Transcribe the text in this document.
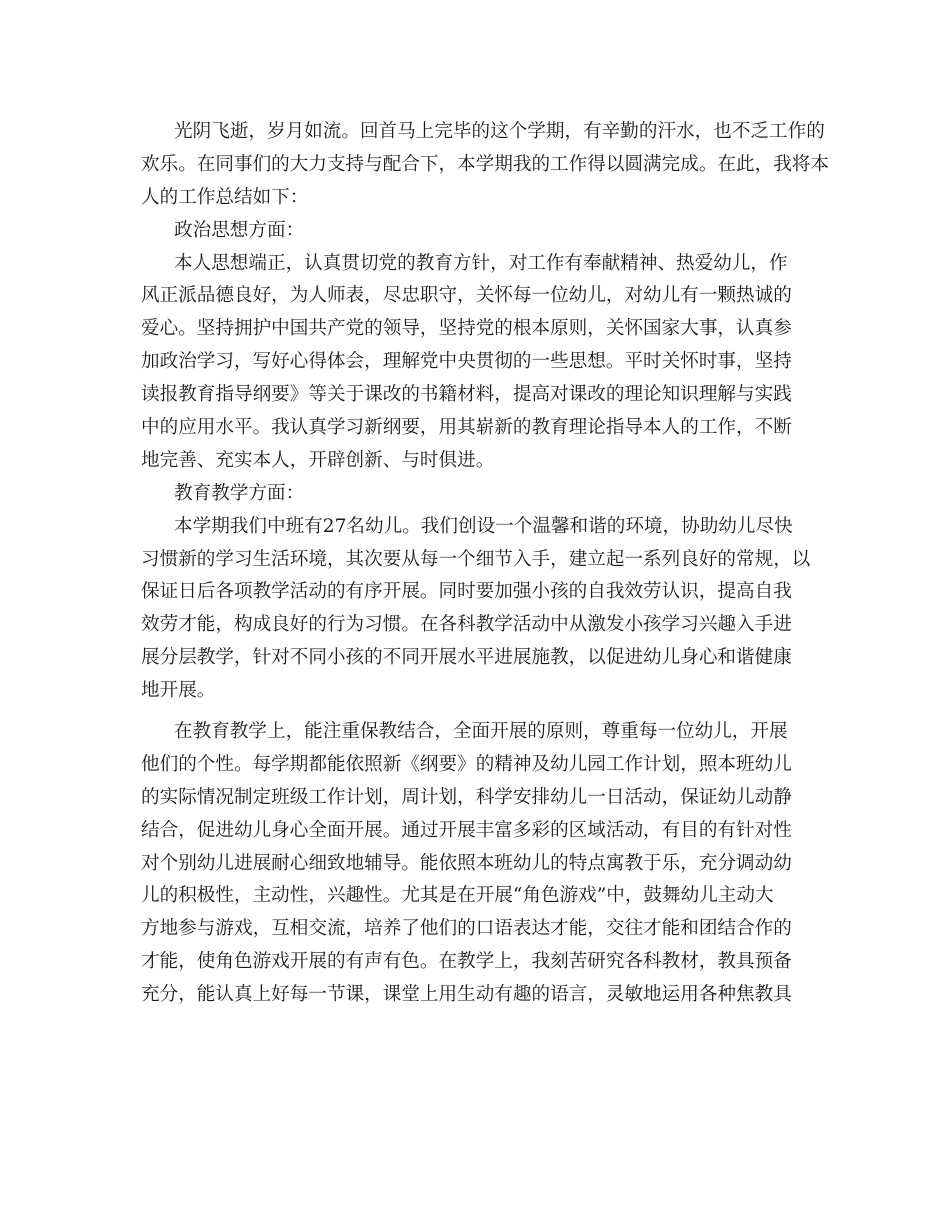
光阴飞逝，岁月如流。回首马上完毕的这个学期，有辛勤的汗水，也不乏工作的
欢乐。在同事们的大力支持与配合下，本学期我的工作得以圆满完成。在此，我将本
人的工作总结如下：
政治思想方面：
本人思想端正，认真贯切党的教育方针，对工作有奉献精神、热爱幼儿，作
风正派品德良好，为人师表，尽忠职守，关怀每一位幼儿，对幼儿有一颗热诚的
爱心。坚持拥护中国共产党的领导，坚持党的根本原则，关怀国家大事，认真参
加政治学习，写好心得体会，理解党中央贯彻的一些思想。平时关怀时事，坚持
读报教育指导纲要》等关于课改的书籍材料，提高对课改的理论知识理解与实践
中的应用水平。我认真学习新纲要，用其崭新的教育理论指导本人的工作，不断
地完善、充实本人，开辟创新、与时俱进。
教育教学方面：
本学期我们中班有27名幼儿。我们创设一个温馨和谐的环境，协助幼儿尽快
习惯新的学习生活环境，其次要从每一个细节入手，建立起一系列良好的常规，以
保证日后各项教学活动的有序开展。同时要加强小孩的自我效劳认识，提高自我
效劳才能，构成良好的行为习惯。在各科教学活动中从激发小孩学习兴趣入手进
展分层教学，针对不同小孩的不同开展水平进展施教，以促进幼儿身心和谐健康
地开展。
在教育教学上，能注重保教结合，全面开展的原则，尊重每一位幼儿，开展
他们的个性。每学期都能依照新《纲要》的精神及幼儿园工作计划，照本班幼儿
的实际情况制定班级工作计划，周计划，科学安排幼儿一日活动，保证幼儿动静
结合，促进幼儿身心全面开展。通过开展丰富多彩的区域活动，有目的有针对性
对个别幼儿进展耐心细致地辅导。能依照本班幼儿的特点寓教于乐，充分调动幼
儿的积极性，主动性，兴趣性。尤其是在开展“角色游戏”中，鼓舞幼儿主动大
方地参与游戏，互相交流，培养了他们的口语表达才能，交往才能和团结合作的
才能，使角色游戏开展的有声有色。在教学上，我刻苦研究各科教材，教具预备
充分，能认真上好每一节课，课堂上用生动有趣的语言，灵敏地运用各种焦教具
